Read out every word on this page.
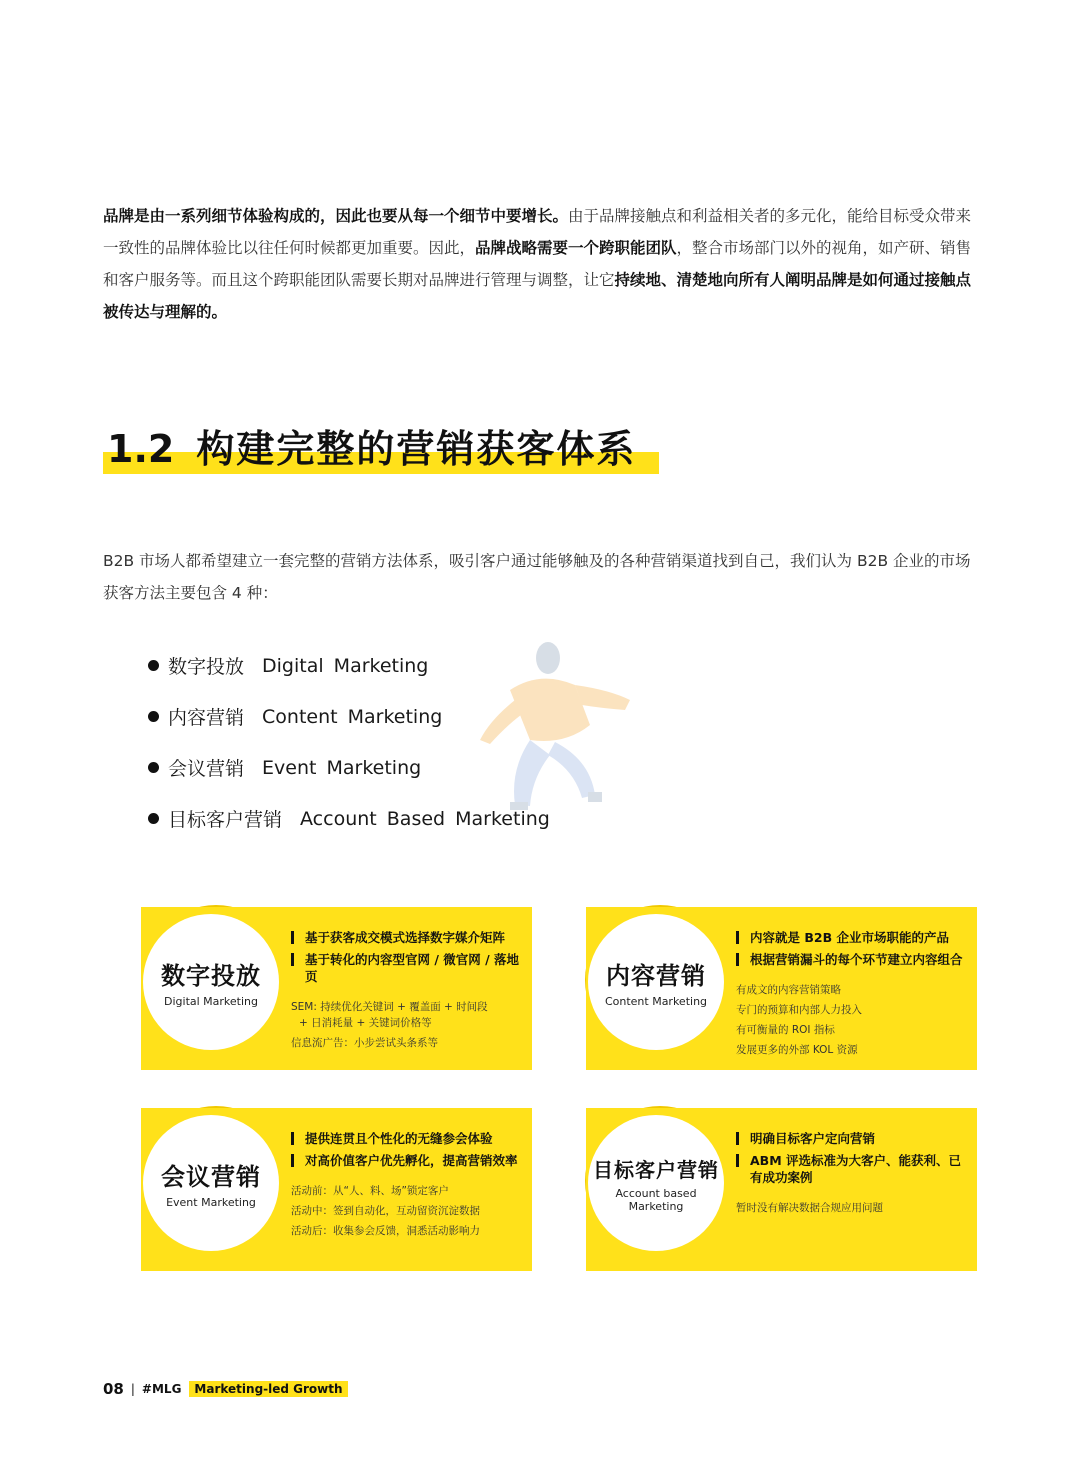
品牌是由一系列细节体验构成的，因此也要从每一个细节中要增长。由于品牌接触点和利益相关者的多元化，能给目标受众带来一致性的品牌体验比以往任何时候都更加重要。因此，品牌战略需要一个跨职能团队，整合市场部门以外的视角，如产研、销售和客户服务等。而且这个跨职能团队需要长期对品牌进行管理与调整，让它持续地、清楚地向所有人阐明品牌是如何通过接触点被传达与理解的。

1.2 构建完整的营销获客体系

B2B 市场人都希望建立一套完整的营销方法体系，吸引客户通过能够触及的各种营销渠道找到自己，我们认为 B2B 企业的市场获客方法主要包含 4 种：

数字投放 Digital Marketing
内容营销 Content Marketing
会议营销 Event Marketing
目标客户营销 Account Based Marketing
基于获客成交模式选择数字媒介矩阵
基于转化的内容型官网 / 微官网 / 落地页
SEM: 持续优化关键词 + 覆盖面 + 时间段
+ 日消耗量 + 关键词价格等
信息流广告：小步尝试头条系等
数字投放
Digital Marketing
内容就是 B2B 企业市场职能的产品
根据营销漏斗的每个环节建立内容组合
有成文的内容营销策略
专门的预算和内部人力投入
有可衡量的 ROI 指标
发展更多的外部 KOL 资源
内容营销
Content Marketing
提供连贯且个性化的无缝参会体验
对高价值客户优先孵化，提高营销效率
活动前：从“人、料、场”锁定客户
活动中：签到自动化，互动留资沉淀数据
活动后：收集参会反馈，洞悉活动影响力
会议营销
Event Marketing
明确目标客户定向营销
ABM 评选标准为大客户、能获利、已有成功案例
暂时没有解决数据合规应用问题
目标客户营销
Account based Marketing
08 | #MLG	Marketing-led Growth
